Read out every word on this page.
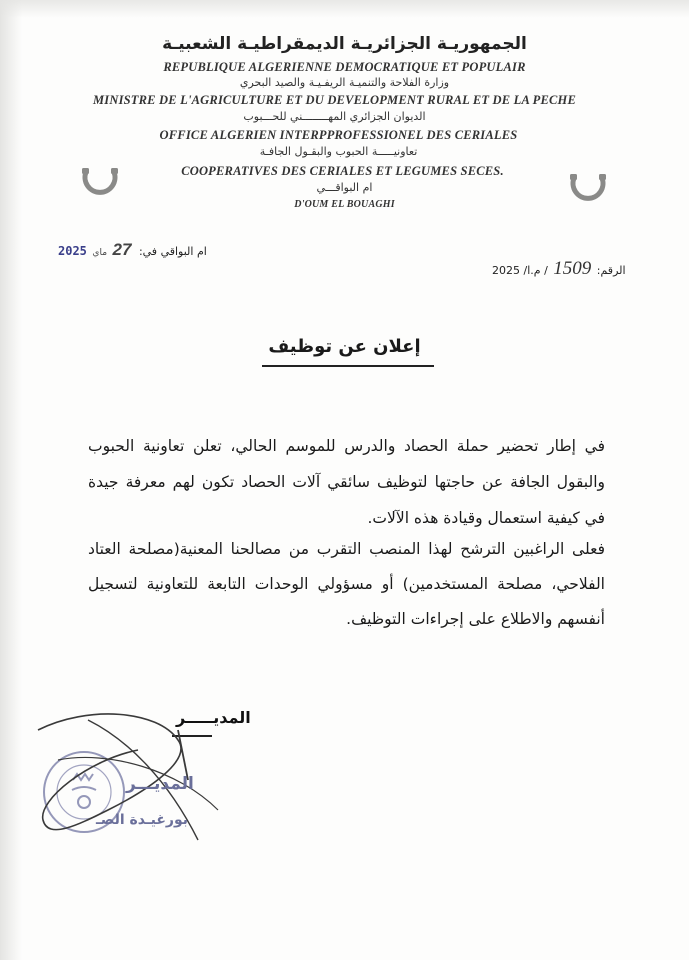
الجمهوريـة الجزائريـة الديمقراطيـة الشعبيـة
REPUBLIQUE ALGERIENNE DEMOCRATIQUE ET POPULAIR
وزارة الفلاحة والتنميـة الريفـيـة والصيد البحري
MINISTRE DE L'AGRICULTURE ET DU DEVELOPMENT RURAL ET DE LA PECHE
الديوان الجزائري المهــــــــني للحـــبوب
OFFICE ALGERIEN INTERPPROFESSIONEL DES CERIALES
تعاونيـــــة الحبوب والبقـول الجافـة
COOPERATIVES DES CERIALES ET LEGUMES SECES.
ام البواقـــي
D'OUM EL BOUAGHI
ام البواقي في: 27 ماي 2025
الرقم: 1509 / م.ا/ 2025
إعلان عن توظيف
في إطار تحضير حملة الحصاد والدرس للموسم الحالي، تعلن تعاونية الحبوب والبقول الجافة عن حاجتها لتوظيف سائقي آلات الحصاد تكون لهم معرفة جيدة في كيفية استعمال وقيادة هذه الآلات.
فعلى الراغبين الترشح لهذا المنصب التقرب من مصالحنا المعنية(مصلحة العتاد الفلاحي، مصلحة المستخدمين) أو مسؤولي الوحدات التابعة للتعاونية لتسجيل أنفسهم والاطلاع على إجراءات التوظيف.
المديـــــر
المديـــر
بورغيـدة الصـ
